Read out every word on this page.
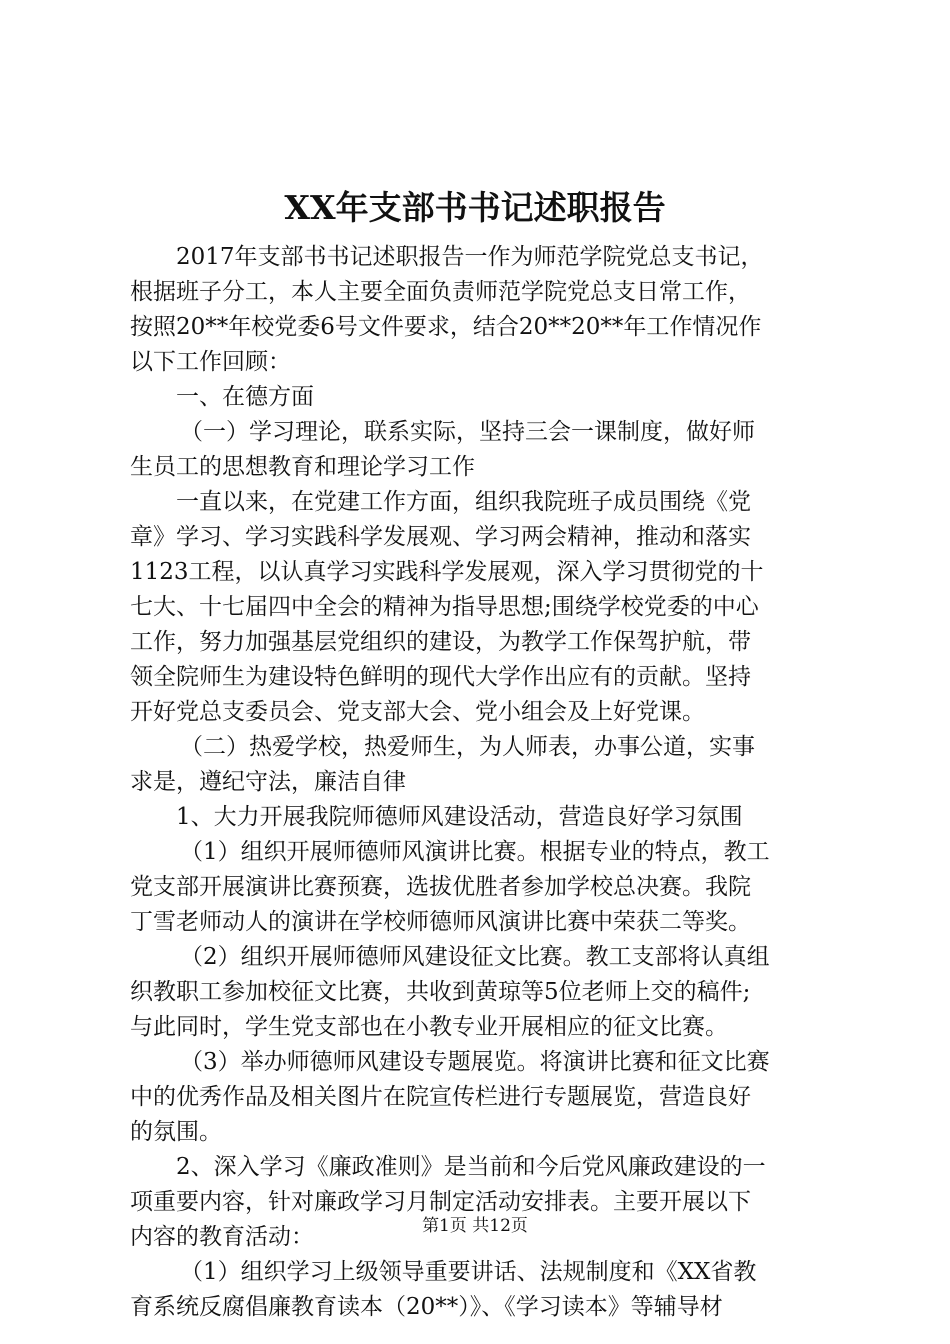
XX年支部书书记述职报告
2017年支部书书记述职报告一作为师范学院党总支书记，
根据班子分工，本人主要全面负责师范学院党总支日常工作，
按照20**年校党委6号文件要求，结合20**20**年工作情况作
以下工作回顾：
一、在德方面
（一）学习理论，联系实际，坚持三会一课制度，做好师
生员工的思想教育和理论学习工作
一直以来，在党建工作方面，组织我院班子成员围绕《党
章》学习、学习实践科学发展观、学习两会精神，推动和落实
1123工程，以认真学习实践科学发展观，深入学习贯彻党的十
七大、十七届四中全会的精神为指导思想;围绕学校党委的中心
工作，努力加强基层党组织的建设，为教学工作保驾护航，带
领全院师生为建设特色鲜明的现代大学作出应有的贡献。坚持
开好党总支委员会、党支部大会、党小组会及上好党课。
（二）热爱学校，热爱师生，为人师表，办事公道，实事
求是，遵纪守法，廉洁自律
1、大力开展我院师德师风建设活动，营造良好学习氛围
（1）组织开展师德师风演讲比赛。根据专业的特点，教工
党支部开展演讲比赛预赛，选拔优胜者参加学校总决赛。我院
丁雪老师动人的演讲在学校师德师风演讲比赛中荣获二等奖。
（2）组织开展师德师风建设征文比赛。教工支部将认真组
织教职工参加校征文比赛，共收到黄琼等5位老师上交的稿件;
与此同时，学生党支部也在小教专业开展相应的征文比赛。
（3）举办师德师风建设专题展览。将演讲比赛和征文比赛
中的优秀作品及相关图片在院宣传栏进行专题展览，营造良好
的氛围。
2、深入学习《廉政准则》是当前和今后党风廉政建设的一
项重要内容，针对廉政学习月制定活动安排表。主要开展以下
内容的教育活动：
（1）组织学习上级领导重要讲话、法规制度和《XX省教
育系统反腐倡廉教育读本（20**）》、《学习读本》等辅导材
第1页 共12页
